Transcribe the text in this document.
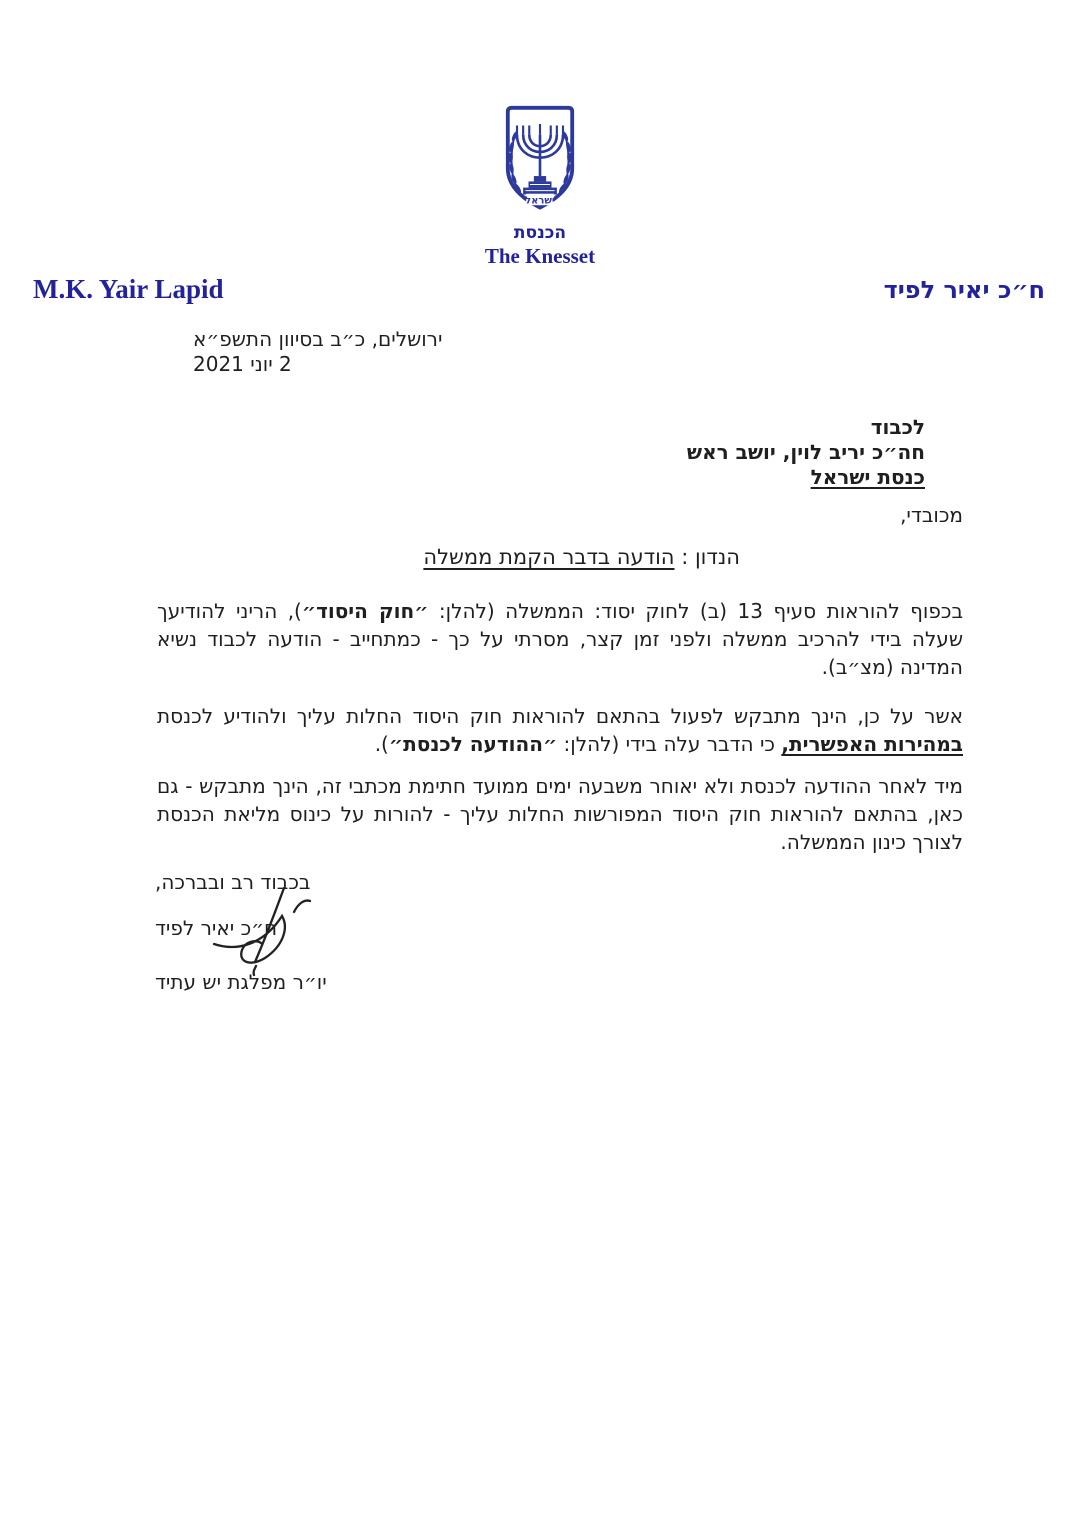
ישראל
הכנסת
The Knesset
M.K. Yair Lapid	ח״כ יאיר לפיד
ירושלים, כ״ב בסיוון התשפ״א
2 יוני 2021
לכבוד
חה״כ יריב לוין, יושב ראש
כנסת ישראל
מכובדי,
הנדון : הודעה בדבר הקמת ממשלה

בכפוף להוראות סעיף 13 (ב) לחוק יסוד: הממשלה (להלן: ״חוק היסוד״), הריני להודיעך שעלה בידי להרכיב ממשלה ולפני זמן קצר, מסרתי על כך - כמתחייב - הודעה לכבוד נשיא המדינה (מצ״ב).

אשר על כן, הינך מתבקש לפעול בהתאם להוראות חוק היסוד החלות עליך ולהודיע לכנסת במהירות האפשרית, כי הדבר עלה בידי (להלן: ״ההודעה לכנסת״).

מיד לאחר ההודעה לכנסת ולא יאוחר משבעה ימים ממועד חתימת מכתבי זה, הינך מתבקש - גם כאן, בהתאם להוראות חוק היסוד המפורשות החלות עליך - להורות על כינוס מליאת הכנסת לצורך כינון הממשלה.

בכבוד רב ובברכה,
ח״כ יאיר לפיד
יו״ר מפלגת יש עתיד
